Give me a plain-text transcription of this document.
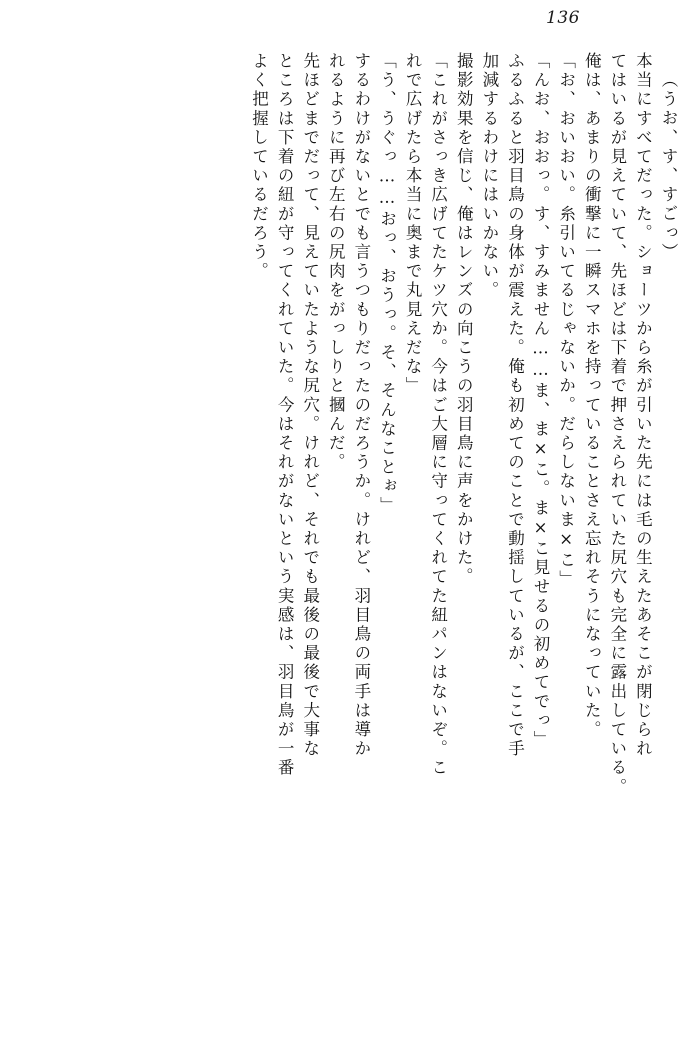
136
（うお、す、すごっ）
本当にすべてだった。ショーツから糸が引いた先には毛の生えたあそこが閉じられ
てはいるが見えていて、先ほどは下着で押さえられていた尻穴も完全に露出している。
俺は、あまりの衝撃に一瞬スマホを持っていることさえ忘れそうになっていた。
「お、おいおい。糸引いてるじゃないか。だらしないま×こ」
「んお、おおっ。す、すみません……ま、ま×こ。ま×こ見せるの初めてでっ」
ふるふると羽目鳥の身体が震えた。俺も初めてのことで動揺しているが、ここで手
加減するわけにはいかない。
撮影効果を信じ、俺はレンズの向こうの羽目鳥に声をかけた。
「これがさっき広げてたケツ穴か。今はご大層に守ってくれてた紐パンはないぞ。こ
れで広げたら本当に奥まで丸見えだな」
「う、うぐっ……おっ、おうっ。そ、そんなことぉ」
するわけがないとでも言うつもりだったのだろうか。けれど、羽目鳥の両手は導か
れるように再び左右の尻肉をがっしりと摑んだ。
先ほどまでだって、見えていたような尻穴。けれど、それでも最後の最後で大事な
ところは下着の紐が守ってくれていた。今はそれがないという実感は、羽目鳥が一番
よく把握しているだろう。
